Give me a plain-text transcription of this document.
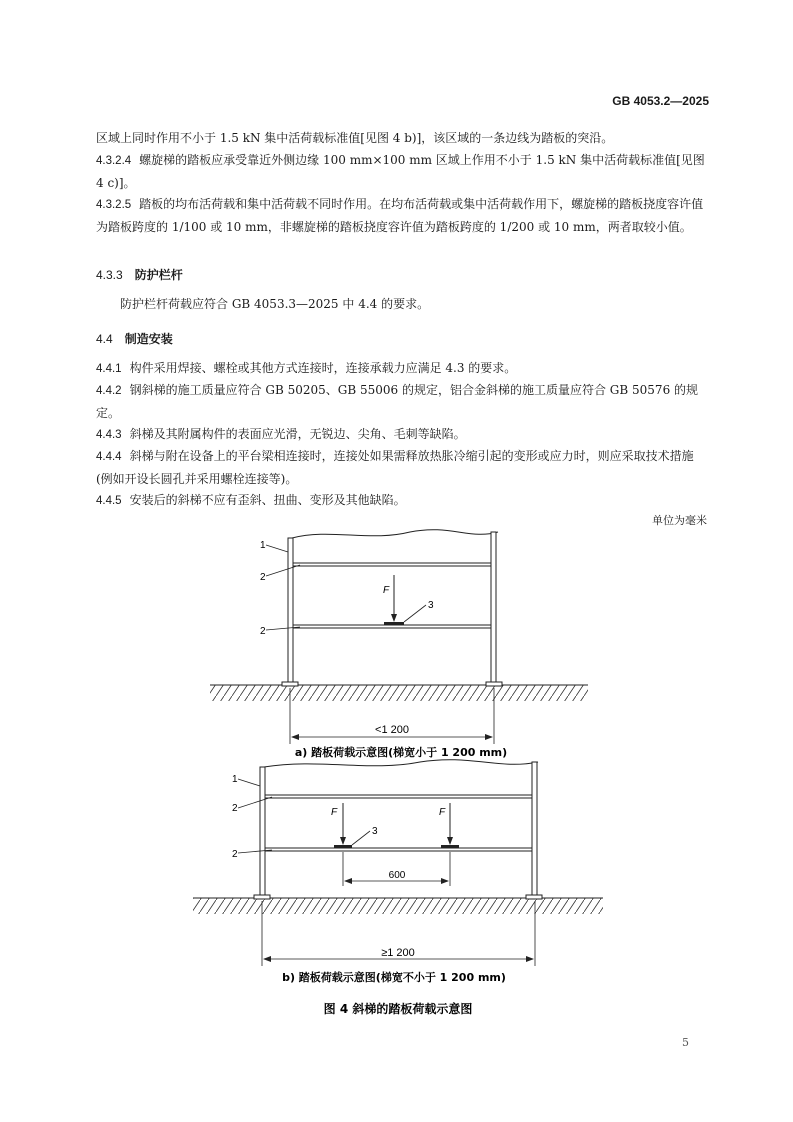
GB 4053.2—2025
区域上同时作用不小于 1.5 kN 集中活荷载标准值[见图 4 b)]，该区域的一条边线为踏板的突沿。
4.3.2.4 螺旋梯的踏板应承受靠近外侧边缘 100 mm×100 mm 区域上作用不小于 1.5 kN 集中活荷载标准值[见图 4 c)]。
4.3.2.5 踏板的均布活荷载和集中活荷载不同时作用。在均布活荷载或集中活荷载作用下，螺旋梯的踏板挠度容许值为踏板跨度的 1/100 或 10 mm，非螺旋梯的踏板挠度容许值为踏板跨度的 1/200 或 10 mm，两者取较小值。
4.3.3 防护栏杆
防护栏杆荷载应符合 GB 4053.3—2025 中 4.4 的要求。
4.4 制造安装
4.4.1 构件采用焊接、螺栓或其他方式连接时，连接承载力应满足 4.3 的要求。
4.4.2 钢斜梯的施工质量应符合 GB 50205、GB 55006 的规定，铝合金斜梯的施工质量应符合 GB 50576 的规定。
4.4.3 斜梯及其附属构件的表面应光滑，无锐边、尖角、毛刺等缺陷。
4.4.4 斜梯与附在设备上的平台梁相连接时，连接处如果需释放热胀冷缩引起的变形或应力时，则应采取技术措施(例如开设长圆孔并采用螺栓连接等)。
4.4.5 安装后的斜梯不应有歪斜、扭曲、变形及其他缺陷。
单位为毫米
1
2
2
3
F
<1 200
a) 踏板荷载示意图(梯宽小于 1 200 mm)
1
2
2
3
F	F
600
≥1 200
b) 踏板荷载示意图(梯宽不小于 1 200 mm)
图 4 斜梯的踏板荷载示意图
5
